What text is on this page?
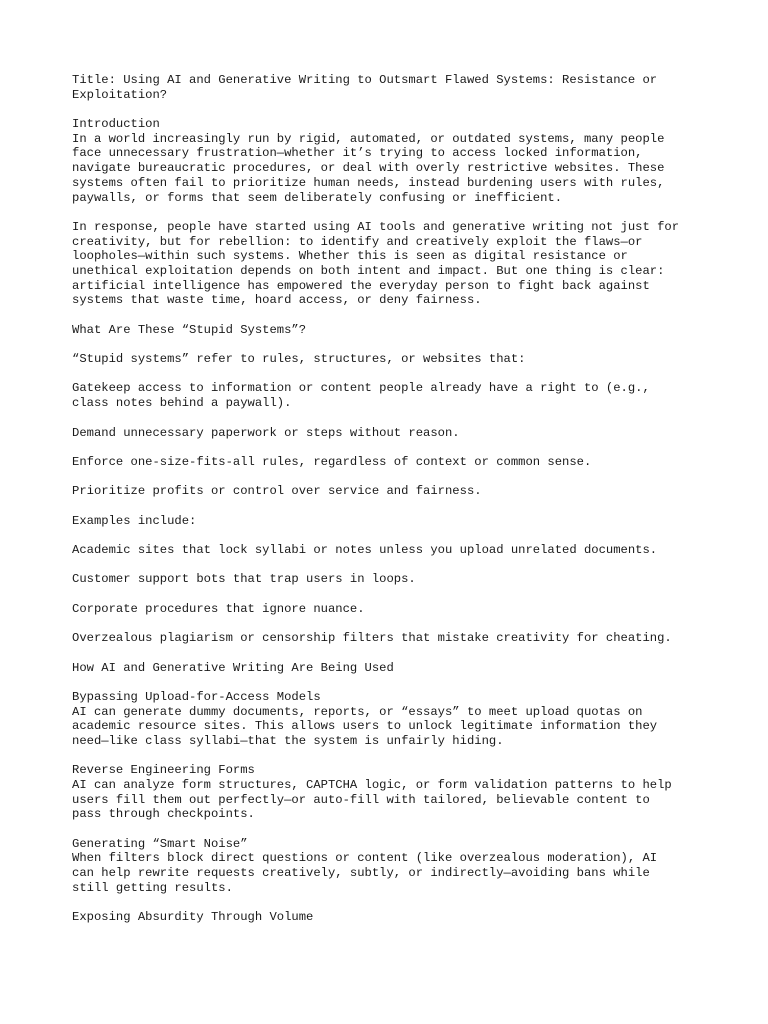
Title: Using AI and Generative Writing to Outsmart Flawed Systems: Resistance or
Exploitation?
Introduction
In a world increasingly run by rigid, automated, or outdated systems, many people
face unnecessary frustration—whether it’s trying to access locked information,
navigate bureaucratic procedures, or deal with overly restrictive websites. These
systems often fail to prioritize human needs, instead burdening users with rules,
paywalls, or forms that seem deliberately confusing or inefficient.
In response, people have started using AI tools and generative writing not just for
creativity, but for rebellion: to identify and creatively exploit the flaws—or
loopholes—within such systems. Whether this is seen as digital resistance or
unethical exploitation depends on both intent and impact. But one thing is clear:
artificial intelligence has empowered the everyday person to fight back against
systems that waste time, hoard access, or deny fairness.
What Are These “Stupid Systems”?
“Stupid systems” refer to rules, structures, or websites that:
Gatekeep access to information or content people already have a right to (e.g.,
class notes behind a paywall).
Demand unnecessary paperwork or steps without reason.
Enforce one-size-fits-all rules, regardless of context or common sense.
Prioritize profits or control over service and fairness.
Examples include:
Academic sites that lock syllabi or notes unless you upload unrelated documents.
Customer support bots that trap users in loops.
Corporate procedures that ignore nuance.
Overzealous plagiarism or censorship filters that mistake creativity for cheating.
How AI and Generative Writing Are Being Used
Bypassing Upload-for-Access Models
AI can generate dummy documents, reports, or “essays” to meet upload quotas on
academic resource sites. This allows users to unlock legitimate information they
need—like class syllabi—that the system is unfairly hiding.
Reverse Engineering Forms
AI can analyze form structures, CAPTCHA logic, or form validation patterns to help
users fill them out perfectly—or auto-fill with tailored, believable content to
pass through checkpoints.
Generating “Smart Noise”
When filters block direct questions or content (like overzealous moderation), AI
can help rewrite requests creatively, subtly, or indirectly—avoiding bans while
still getting results.
Exposing Absurdity Through Volume
